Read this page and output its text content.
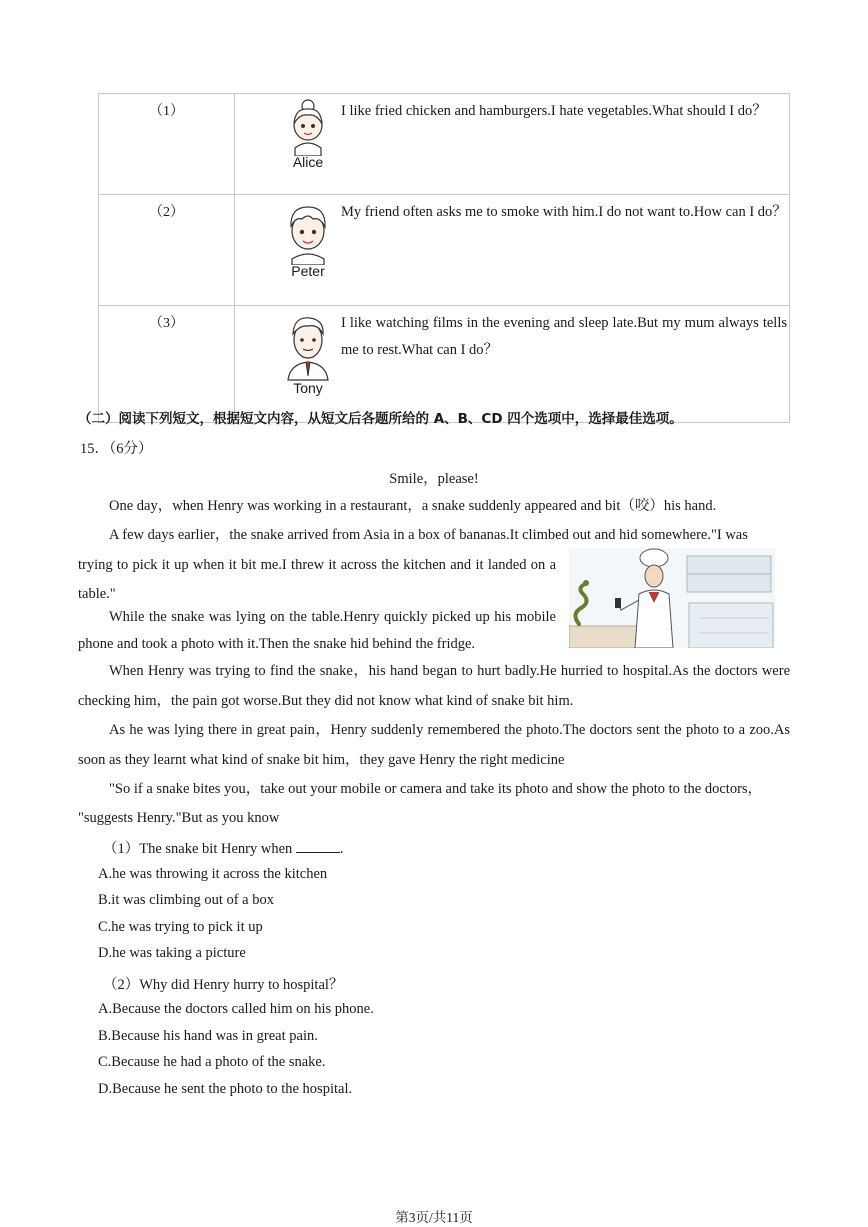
（1）	Alice
I like fried chicken and hamburgers.I hate vegetables.What should I do？

（2）	Peter
My friend often asks me to smoke with him.I do not want to.How can I do？

（3）	Tony
I like watching films in the evening and sleep late.But my mum always tells me to rest.What can I do？
（二）阅读下列短文，根据短文内容，从短文后各题所给的 A、B、CD 四个选项中，选择最佳选项。
15．（6分）
Smile，please!
One day，when Henry was working in a restaurant，a snake suddenly appeared and bit（咬）his hand.
A few days earlier，the snake arrived from Asia in a box of bananas.It climbed out and hid somewhere."I was
trying to pick it up when it bit me.I threw it across the kitchen and it landed on a table."
While the snake was lying on the table.Henry quickly picked up his mobile phone and took a photo with it.Then the snake hid behind the fridge.
When Henry was trying to find the snake，his hand began to hurt badly.He hurried to hospital.As the doctors were checking him，the pain got worse.But they did not know what kind of snake bit him.
As he was lying there in great pain，Henry suddenly remembered the photo.The doctors sent the photo to a zoo.As soon as they learnt what kind of snake bit him，they gave Henry the right medicine
"So if a snake bites you，take out your mobile or camera and take its photo and show the photo to the doctors，
"suggests Henry."But as you know
（1）The snake bit Henry when	.
A.he was throwing it across the kitchen
B.it was climbing out of a box
C.he was trying to pick it up
D.he was taking a picture
（2）Why did Henry hurry to hospital？
A.Because the doctors called him on his phone.
B.Because his hand was in great pain.
C.Because he had a photo of the snake.
D.Because he sent the photo to the hospital.
第3页/共11页
